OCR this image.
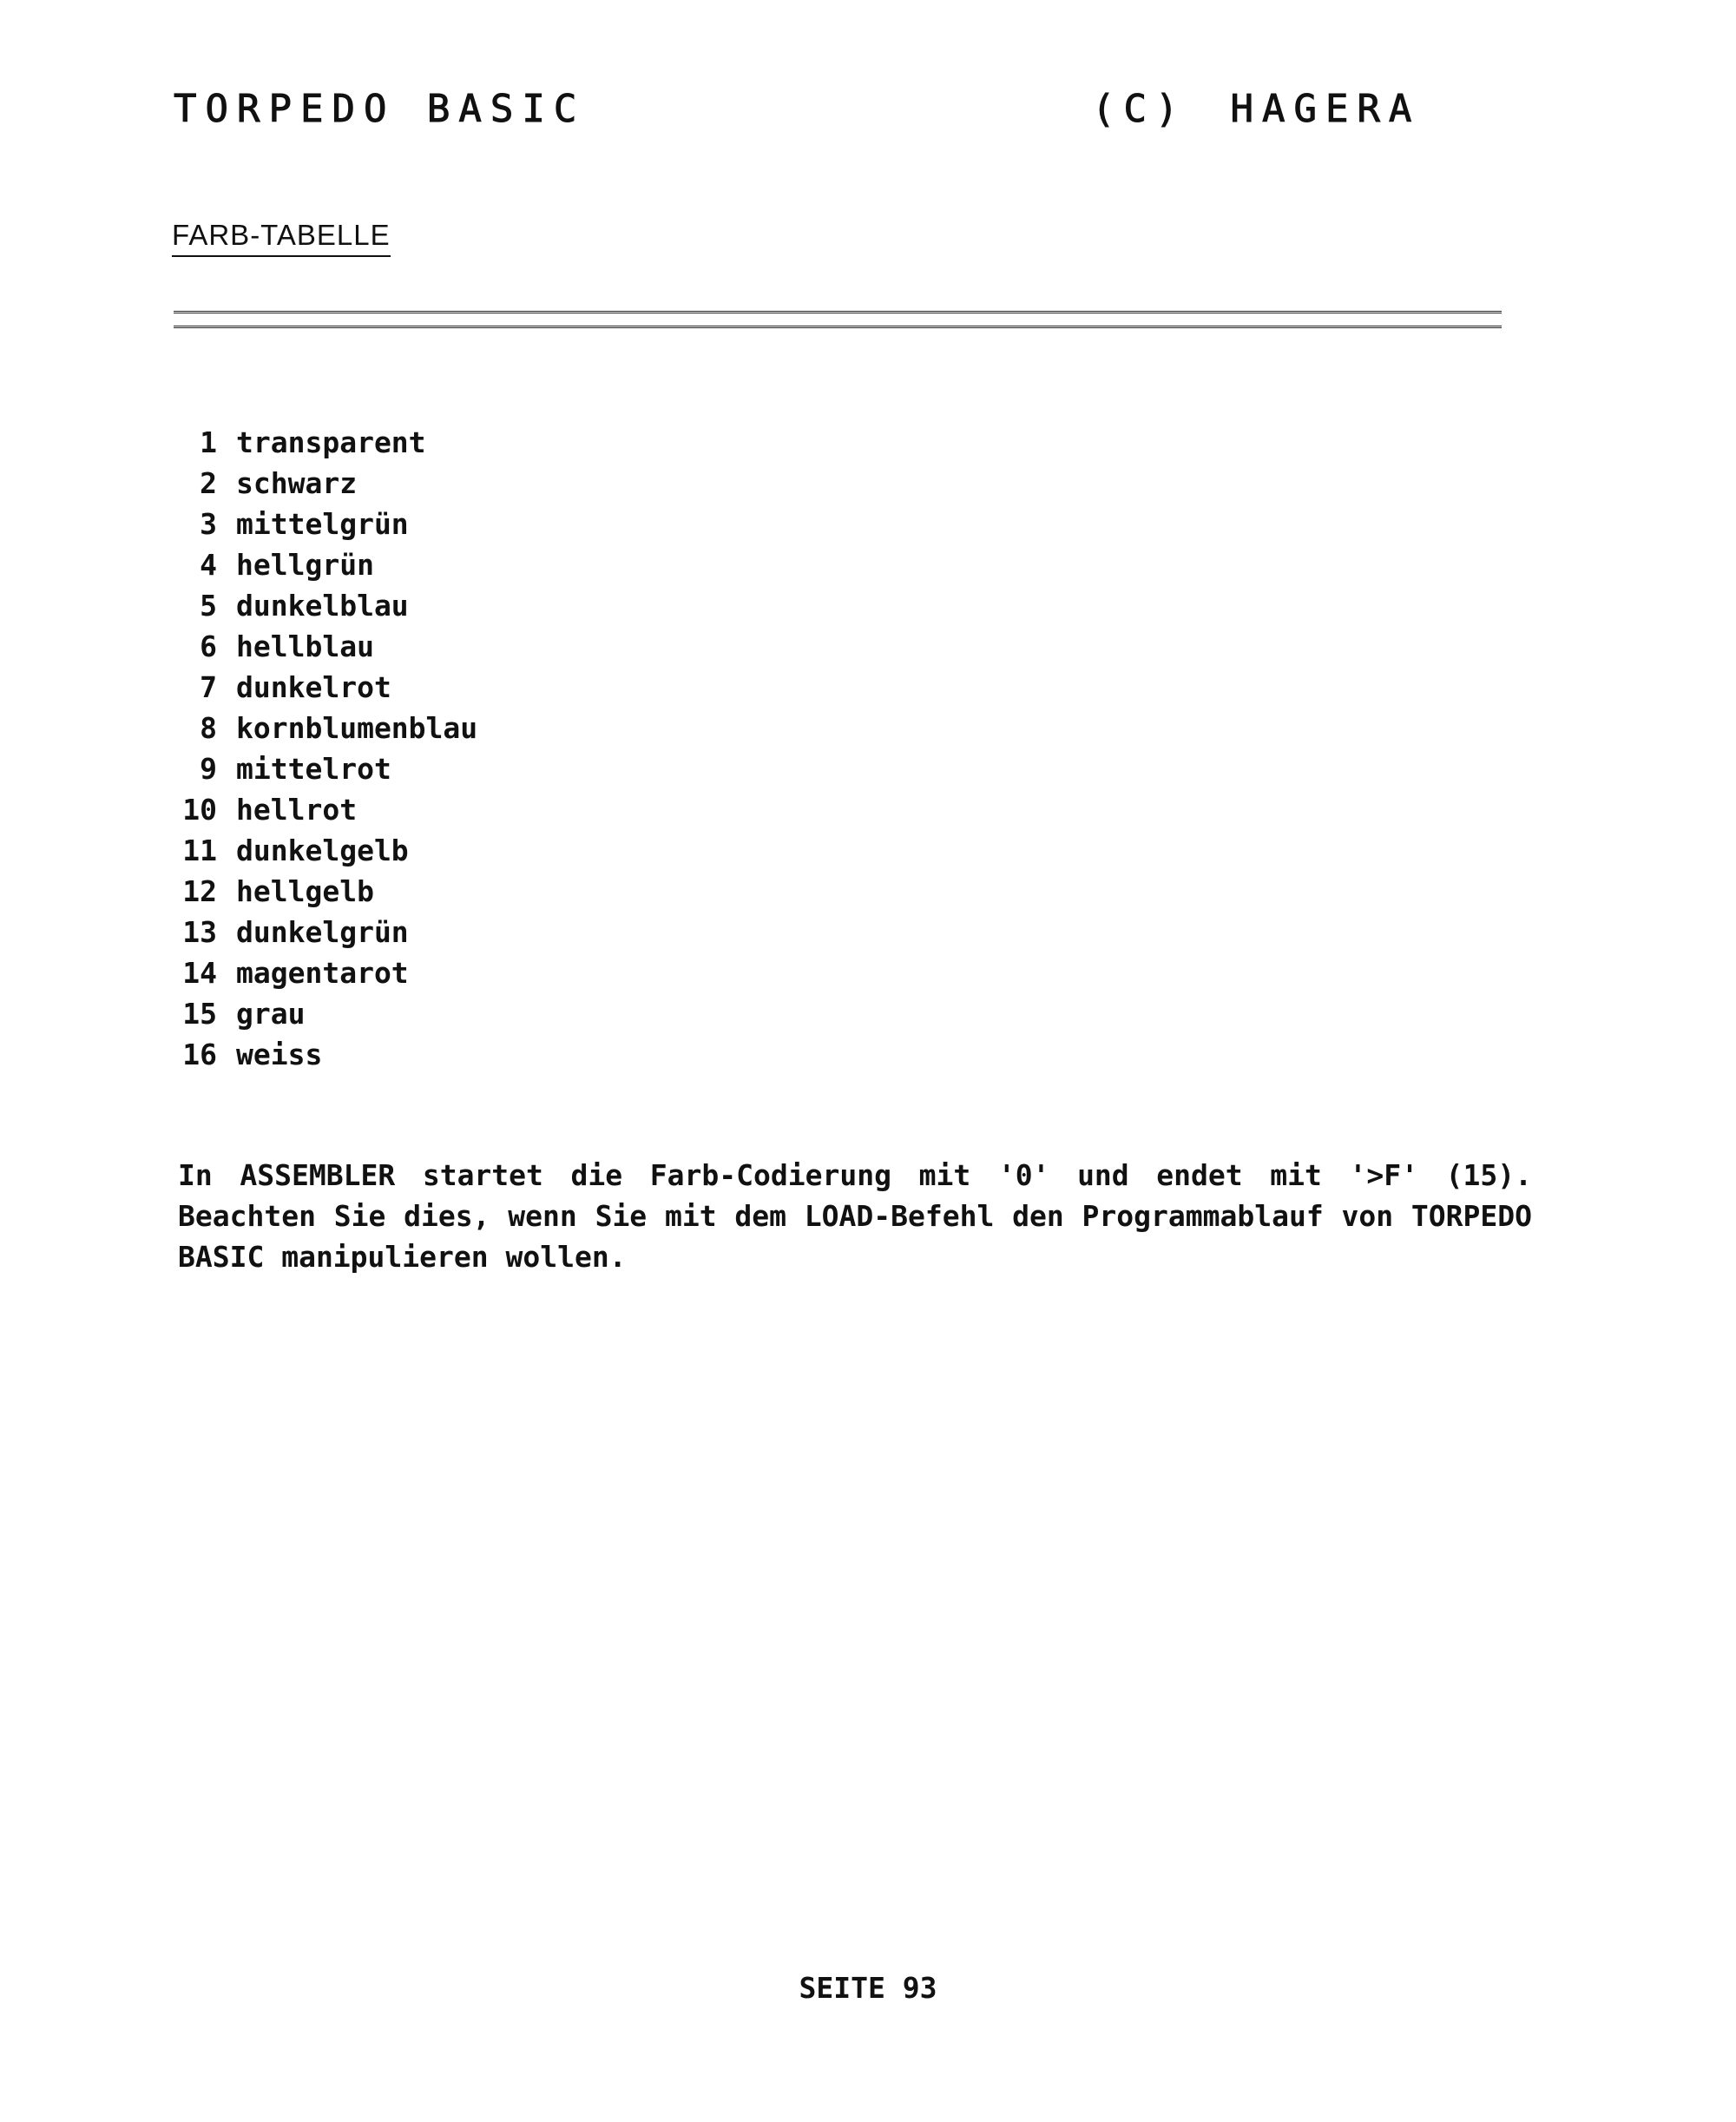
TORPEDO BASIC	(C) HAGERA
FARB-TABELLE
1 transparent
2 schwarz
3 mittelgrün
4 hellgrün
5 dunkelblau
6 hellblau
7 dunkelrot
8 kornblumenblau
9 mittelrot
10 hellrot
11 dunkelgelb
12 hellgelb
13 dunkelgrün
14 magentarot
15 grau
16 weiss
In ASSEMBLER startet die Farb-Codierung mit '0' und endet mit '>F' (15). Beachten Sie dies, wenn Sie mit dem LOAD-Befehl den Programmablauf von TORPEDO BASIC manipulieren wollen.
SEITE 93
